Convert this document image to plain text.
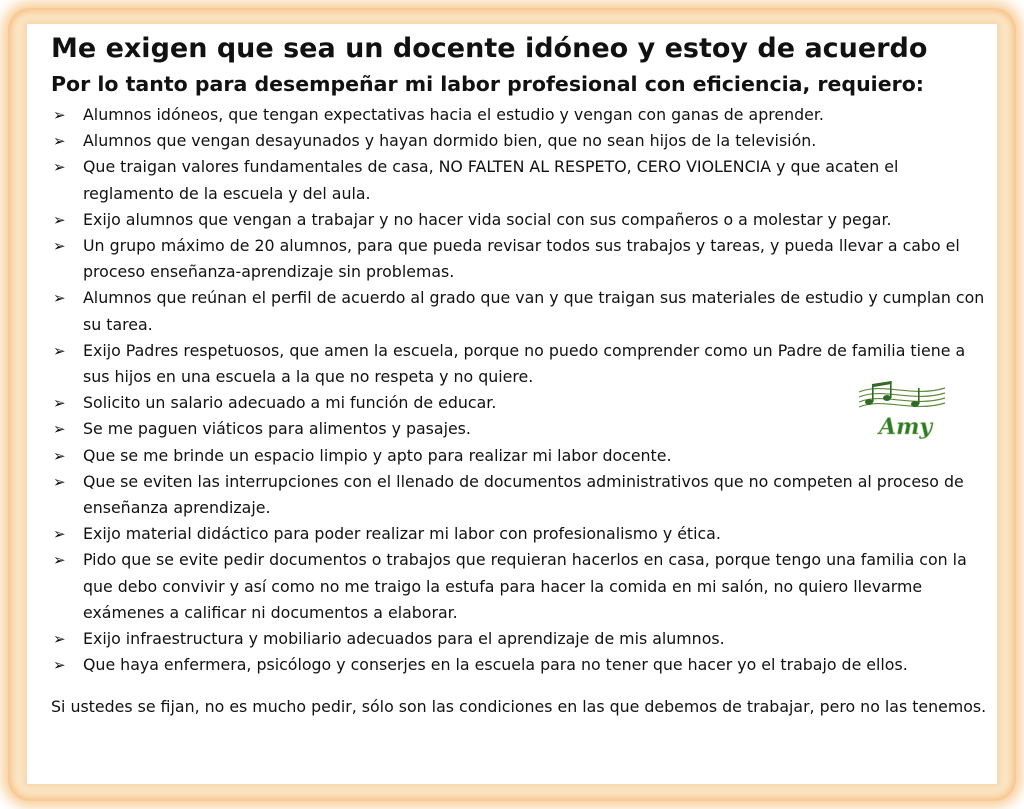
Me exigen que sea un docente idóneo y estoy de acuerdo
Por lo tanto para desempeñar mi labor profesional con eficiencia, requiero:
➢ Alumnos idóneos, que tengan expectativas hacia el estudio y vengan con ganas de aprender.
➢ Alumnos que vengan desayunados y hayan dormido bien, que no sean hijos de la televisión.
➢ Que traigan valores fundamentales de casa, NO FALTEN AL RESPETO, CERO VIOLENCIA y que acaten el reglamento de la escuela y del aula.
➢ Exijo alumnos que vengan a trabajar y no hacer vida social con sus compañeros o a molestar y pegar.
➢ Un grupo máximo de 20 alumnos, para que pueda revisar todos sus trabajos y tareas, y pueda llevar a cabo el proceso enseñanza-aprendizaje sin problemas.
➢ Alumnos que reúnan el perfil de acuerdo al grado que van y que traigan sus materiales de estudio y cumplan con su tarea.
➢ Exijo Padres respetuosos, que amen la escuela, porque no puedo comprender como un Padre de familia tiene a sus hijos en una escuela a la que no respeta y no quiere.
➢ Solicito un salario adecuado a mi función de educar.
➢ Se me paguen viáticos para alimentos y pasajes.
➢ Que se me brinde un espacio limpio y apto para realizar mi labor docente.
➢ Que se eviten las interrupciones con el llenado de documentos administrativos que no competen al proceso de enseñanza aprendizaje.
➢ Exijo material didáctico para poder realizar mi labor con profesionalismo y ética.
➢ Pido que se evite pedir documentos o trabajos que requieran hacerlos en casa, porque tengo una familia con la que debo convivir y así como no me traigo la estufa para hacer la comida en mi salón, no quiero llevarme exámenes a calificar ni documentos a elaborar.
➢ Exijo infraestructura y mobiliario adecuados para el aprendizaje de mis alumnos.
➢ Que haya enfermera, psicólogo y conserjes en la escuela para no tener que hacer yo el trabajo de ellos.

Si ustedes se fijan, no es mucho pedir, sólo son las condiciones en las que debemos de trabajar, pero no las tenemos.

Amy
